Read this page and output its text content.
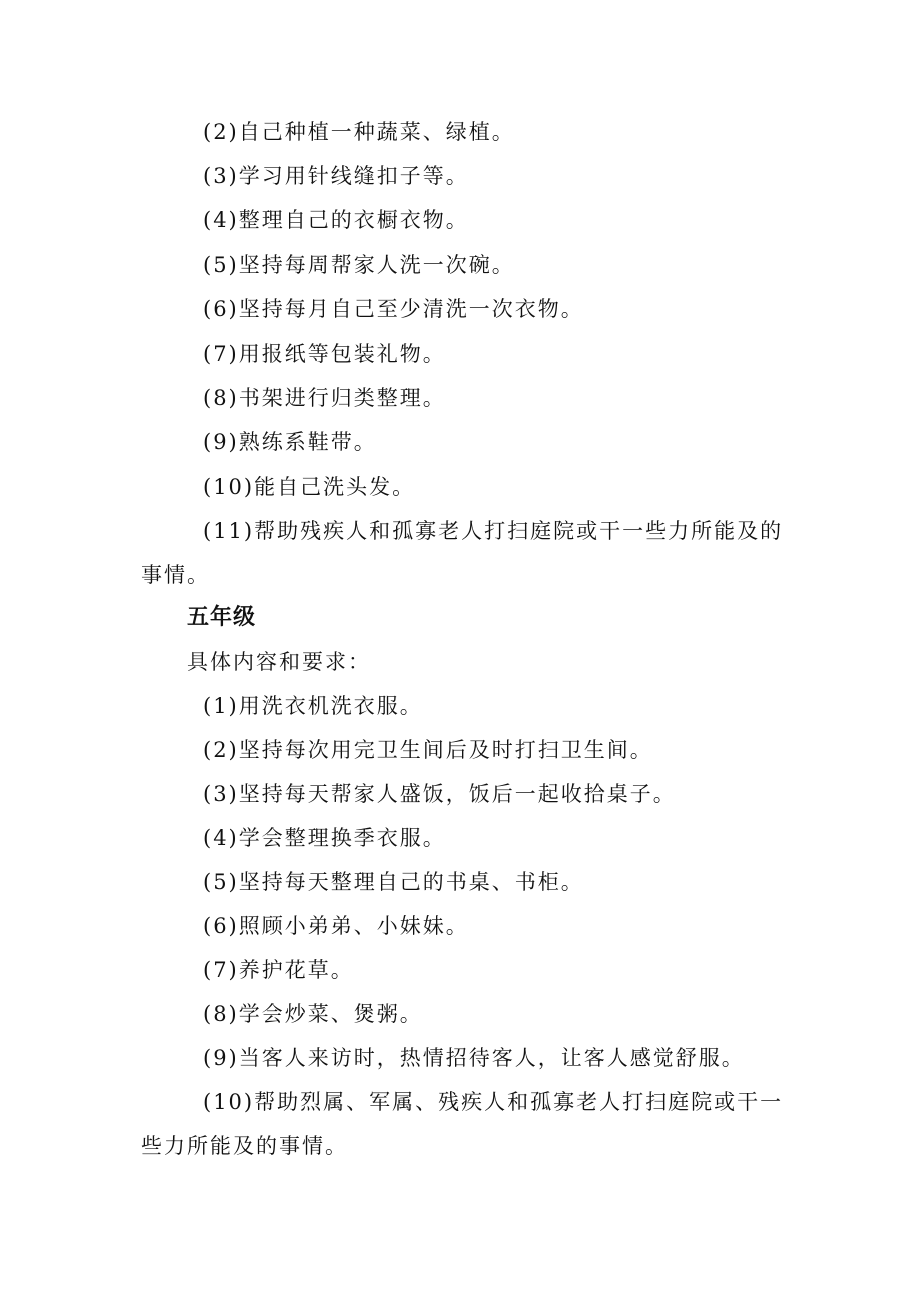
(2)自己种植一种蔬菜、绿植。
(3)学习用针线缝扣子等。
(4)整理自己的衣橱衣物。
(5)坚持每周帮家人洗一次碗。
(6)坚持每月自己至少清洗一次衣物。
(7)用报纸等包装礼物。
(8)书架进行归类整理。
(9)熟练系鞋带。
(10)能自己洗头发。
(11)帮助残疾人和孤寡老人打扫庭院或干一些力所能及的
事情。
五年级
具体内容和要求：
(1)用洗衣机洗衣服。
(2)坚持每次用完卫生间后及时打扫卫生间。
(3)坚持每天帮家人盛饭，饭后一起收拾桌子。
(4)学会整理换季衣服。
(5)坚持每天整理自己的书桌、书柜。
(6)照顾小弟弟、小妹妹。
(7)养护花草。
(8)学会炒菜、煲粥。
(9)当客人来访时，热情招待客人，让客人感觉舒服。
(10)帮助烈属、军属、残疾人和孤寡老人打扫庭院或干一
些力所能及的事情。
